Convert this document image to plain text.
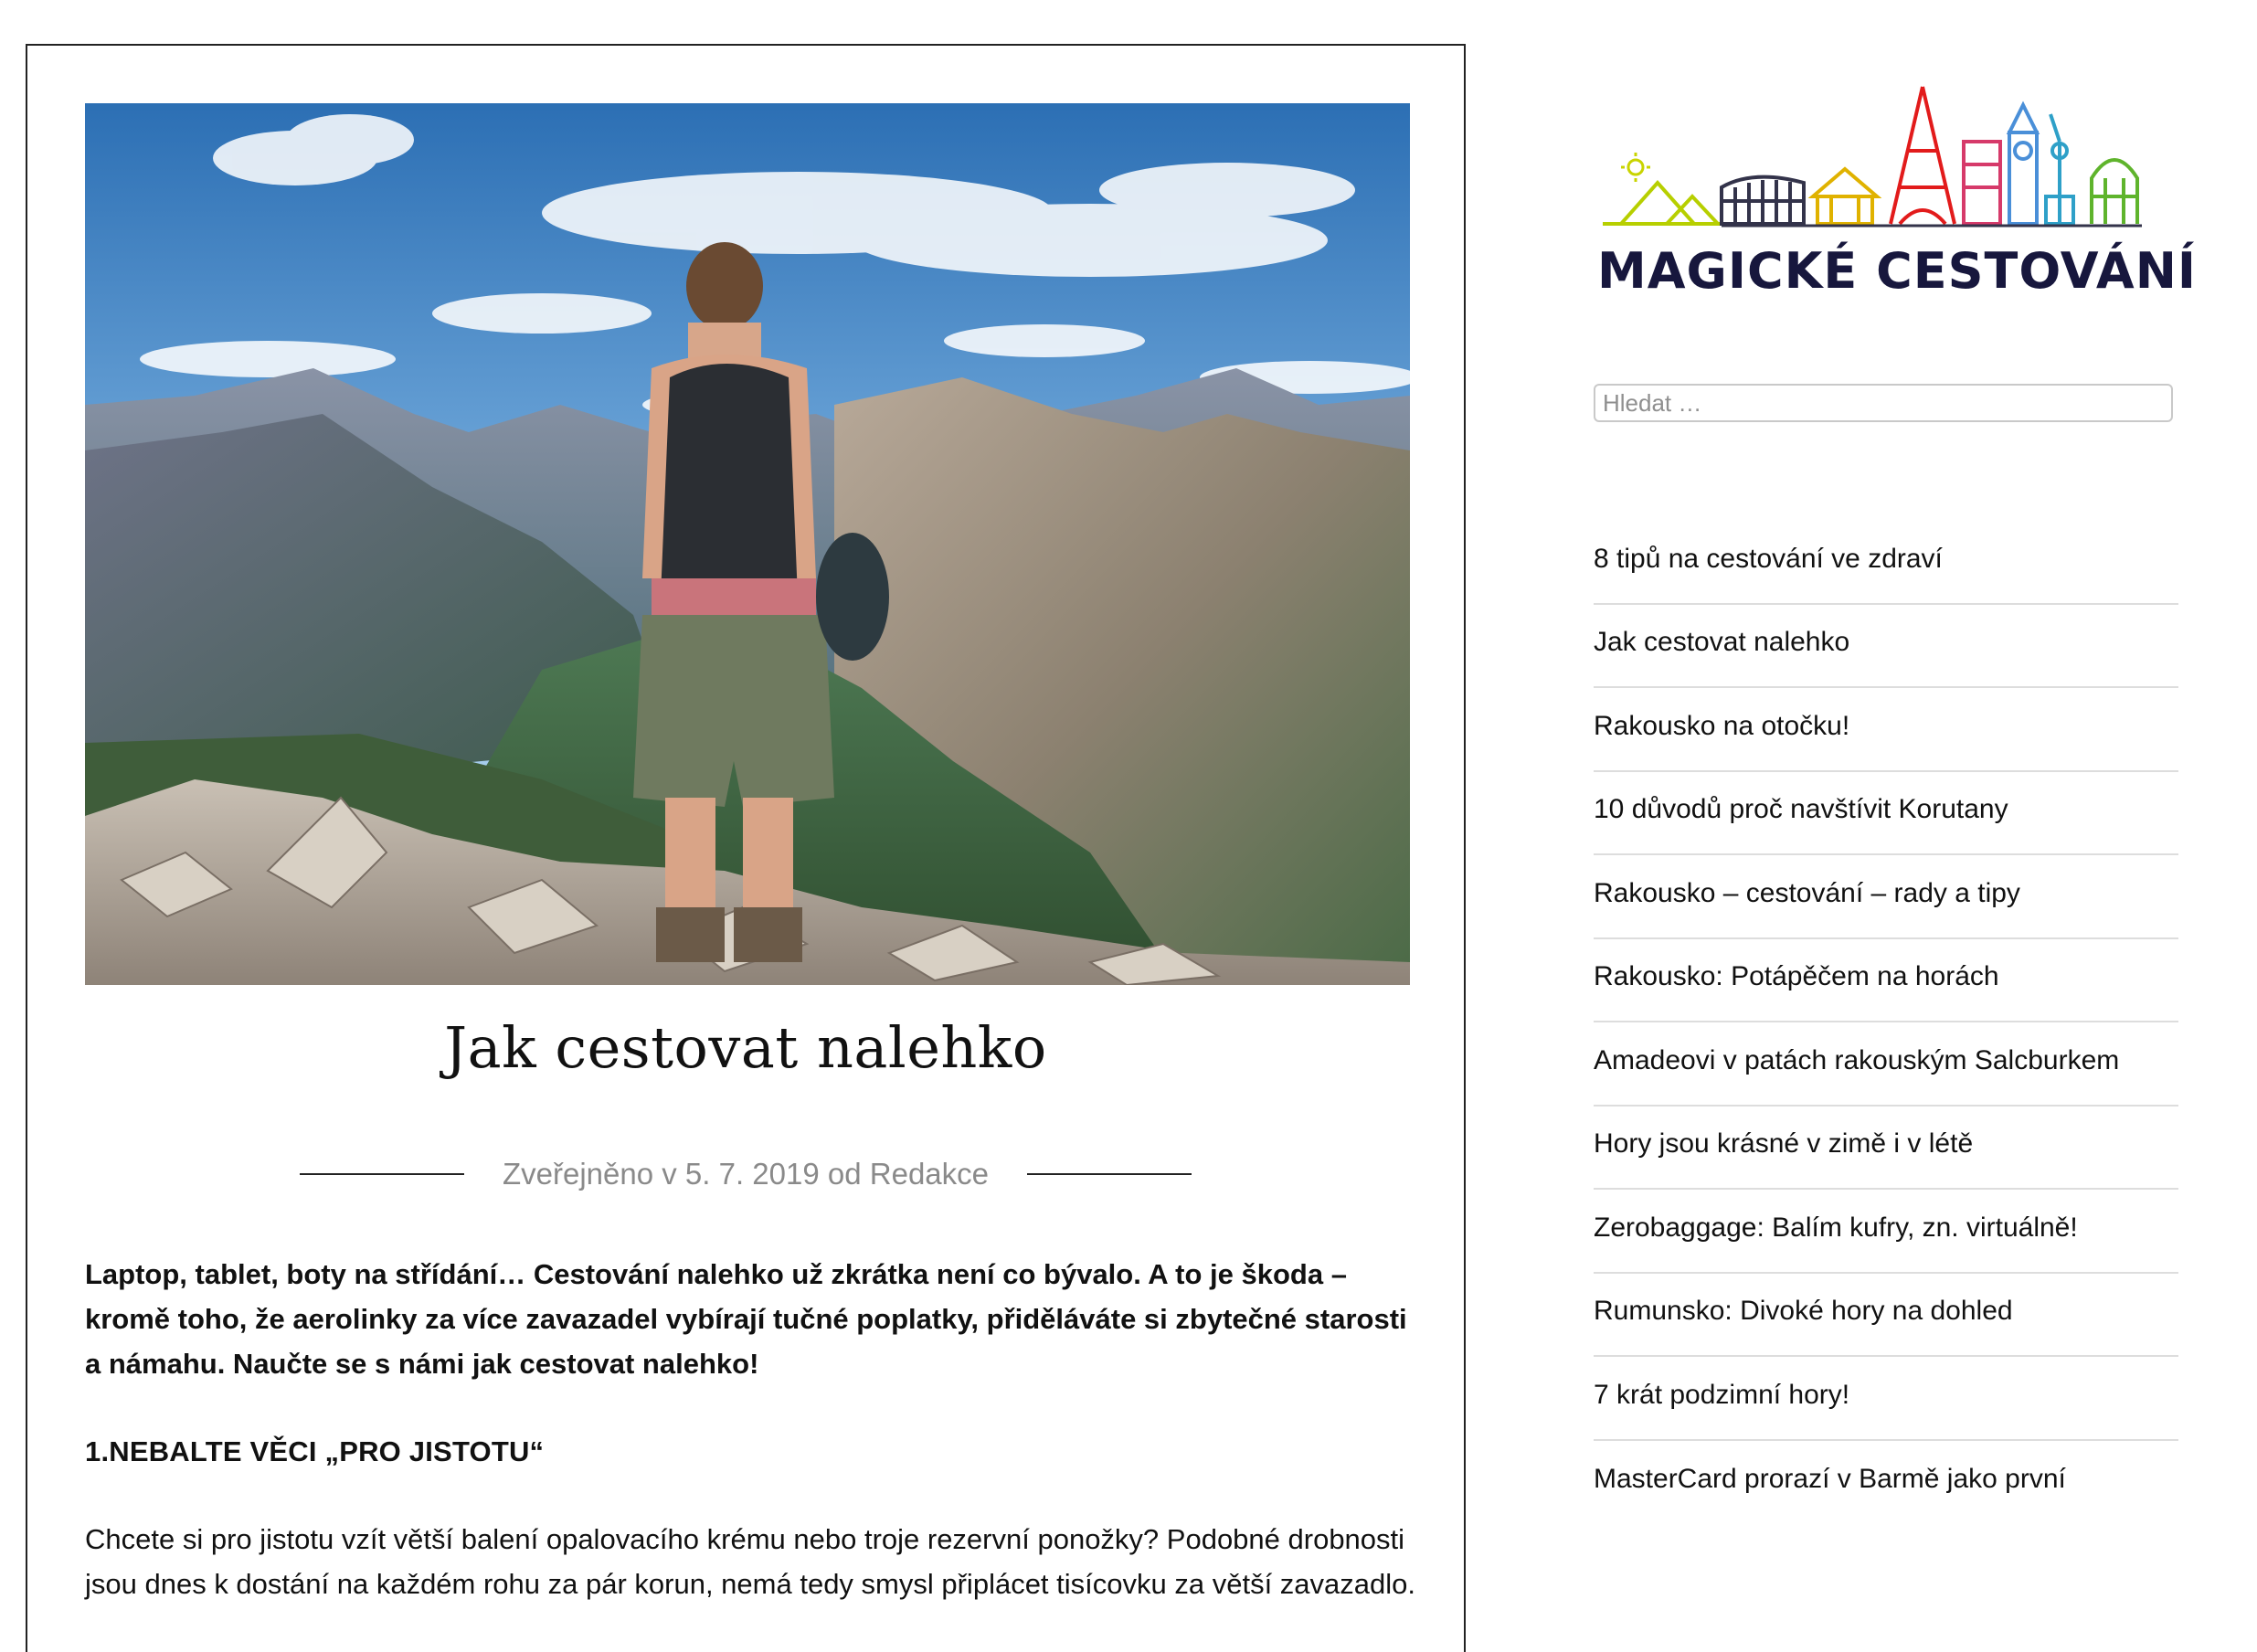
Jak cestovat nalehko
Zveřejněno v 5. 7. 2019 od Redakce

Laptop, tablet, boty na střídání… Cestování nalehko už zkrátka není co bývalo. A to je škoda – kromě toho, že aerolinky za více zavazadel vybírají tučné poplatky, přiděláváte si zbytečné starosti a námahu. Naučte se s námi jak cestovat nalehko!

1.NEBALTE VĚCI „PRO JISTOTU“

Chcete si pro jistotu vzít větší balení opalovacího krému nebo troje rezervní ponožky? Podobné drobnosti jsou dnes k dostání na každém rohu za pár korun, nemá tedy smysl připlácet tisícovku za větší zavazadlo.

MAGICKÉ CESTOVÁNÍ
Hledat …
8 tipů na cestování ve zdraví
Jak cestovat nalehko
Rakousko na otočku!
10 důvodů proč navštívit Korutany
Rakousko – cestování – rady a tipy
Rakousko: Potápěčem na horách
Amadeovi v patách rakouským Salcburkem
Hory jsou krásné v zimě i v létě
Zerobaggage: Balím kufry, zn. virtuálně!
Rumunsko: Divoké hory na dohled
7 krát podzimní hory!
MasterCard prorazí v Barmě jako první
